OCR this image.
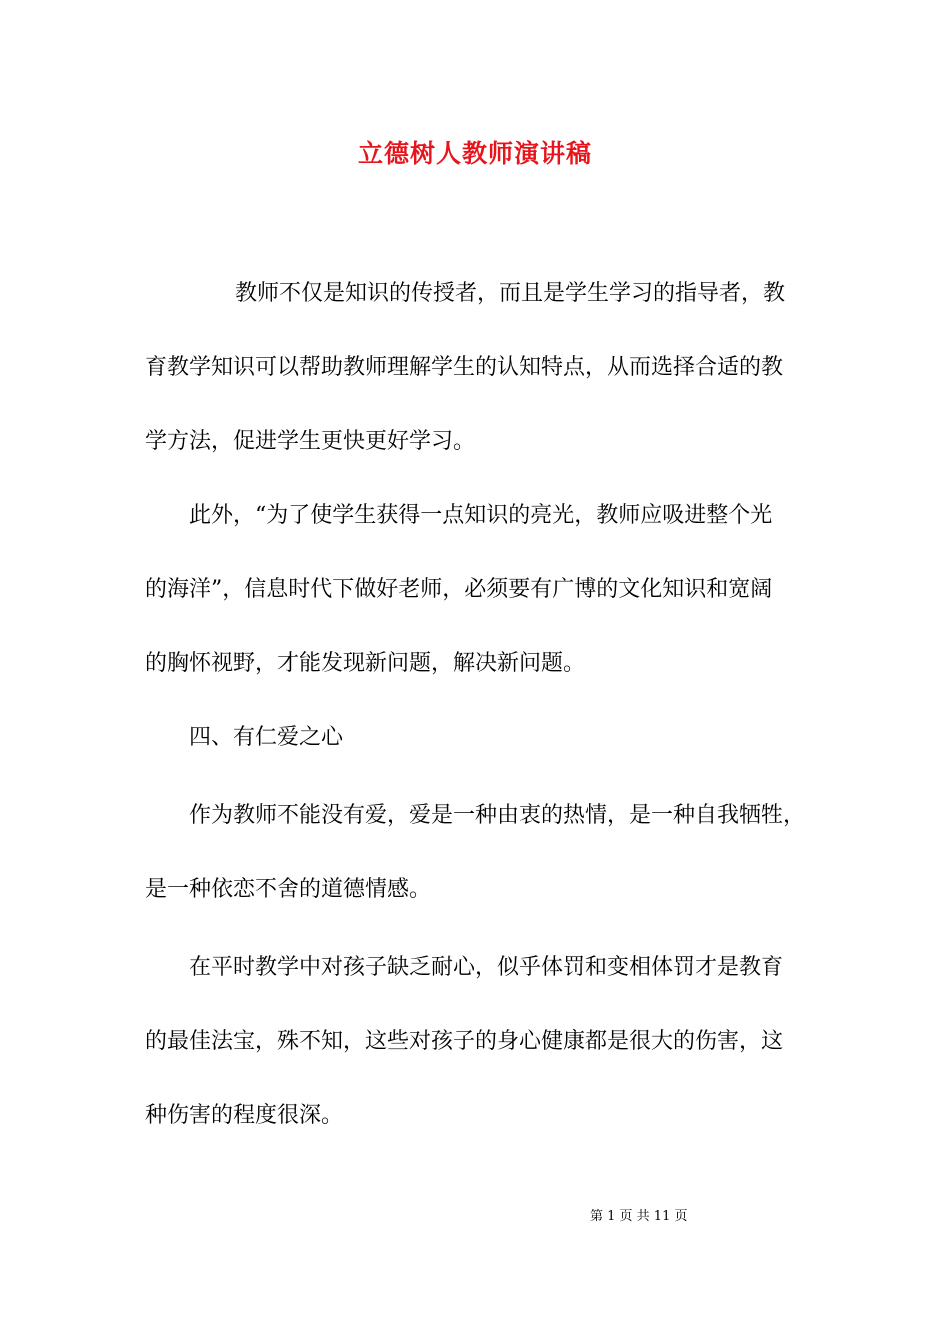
立德树人教师演讲稿
教师不仅是知识的传授者，而且是学生学习的指导者，教
育教学知识可以帮助教师理解学生的认知特点，从而选择合适的教
学方法，促进学生更快更好学习。
此外，“为了使学生获得一点知识的亮光，教师应吸进整个光
的海洋”，信息时代下做好老师，必须要有广博的文化知识和宽阔
的胸怀视野，才能发现新问题，解决新问题。
四、有仁爱之心
作为教师不能没有爱，爱是一种由衷的热情，是一种自我牺牲，
是一种依恋不舍的道德情感。
在平时教学中对孩子缺乏耐心，似乎体罚和变相体罚才是教育
的最佳法宝，殊不知，这些对孩子的身心健康都是很大的伤害，这
种伤害的程度很深。
第 1 页 共 11 页
